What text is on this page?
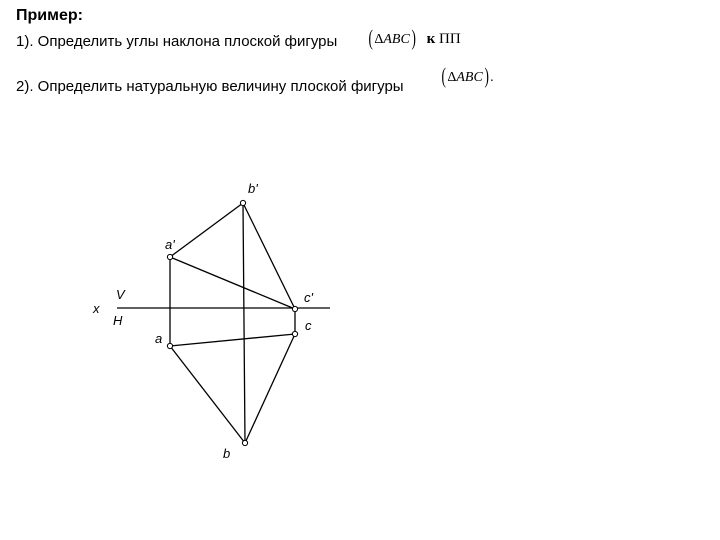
Пример:
1). Определить углы наклона плоской фигуры (ΔABC) к ПП
2). Определить натуральную величину плоской фигуры (ΔABC).
b'
a'
c'
c
a
b
x
V
H
